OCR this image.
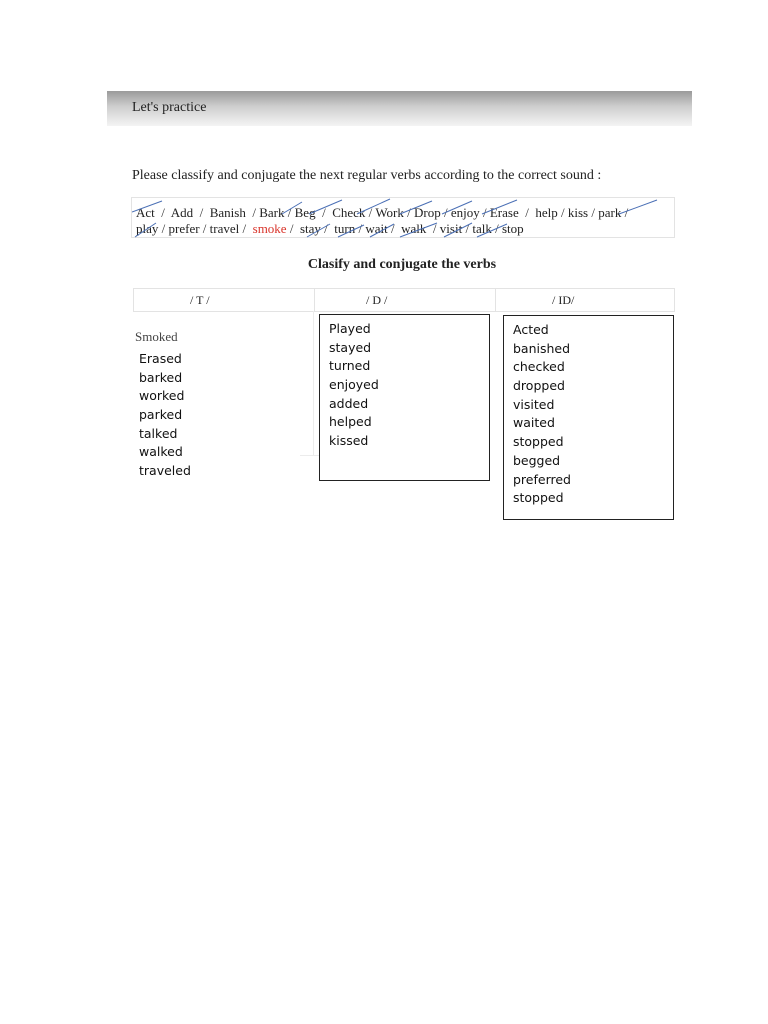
Let's practice
Please classify and conjugate the next regular verbs according to the correct sound :
Act / Add / Banish / Bark / Beg / Check / Work / Drop / enjoy / Erase / help / kiss / park /
play / prefer / travel / smoke / stay / turn / wait / walk / visit / talk / stop
Clasify and conjugate the verbs
/ T /	/ D /	/ ID/
Smoked
Erased
barked
worked
parked
talked
walked
traveled
Played
stayed
turned
enjoyed
added
helped
kissed
Acted
banished
checked
dropped
visited
waited
stopped
begged
preferred
stopped
